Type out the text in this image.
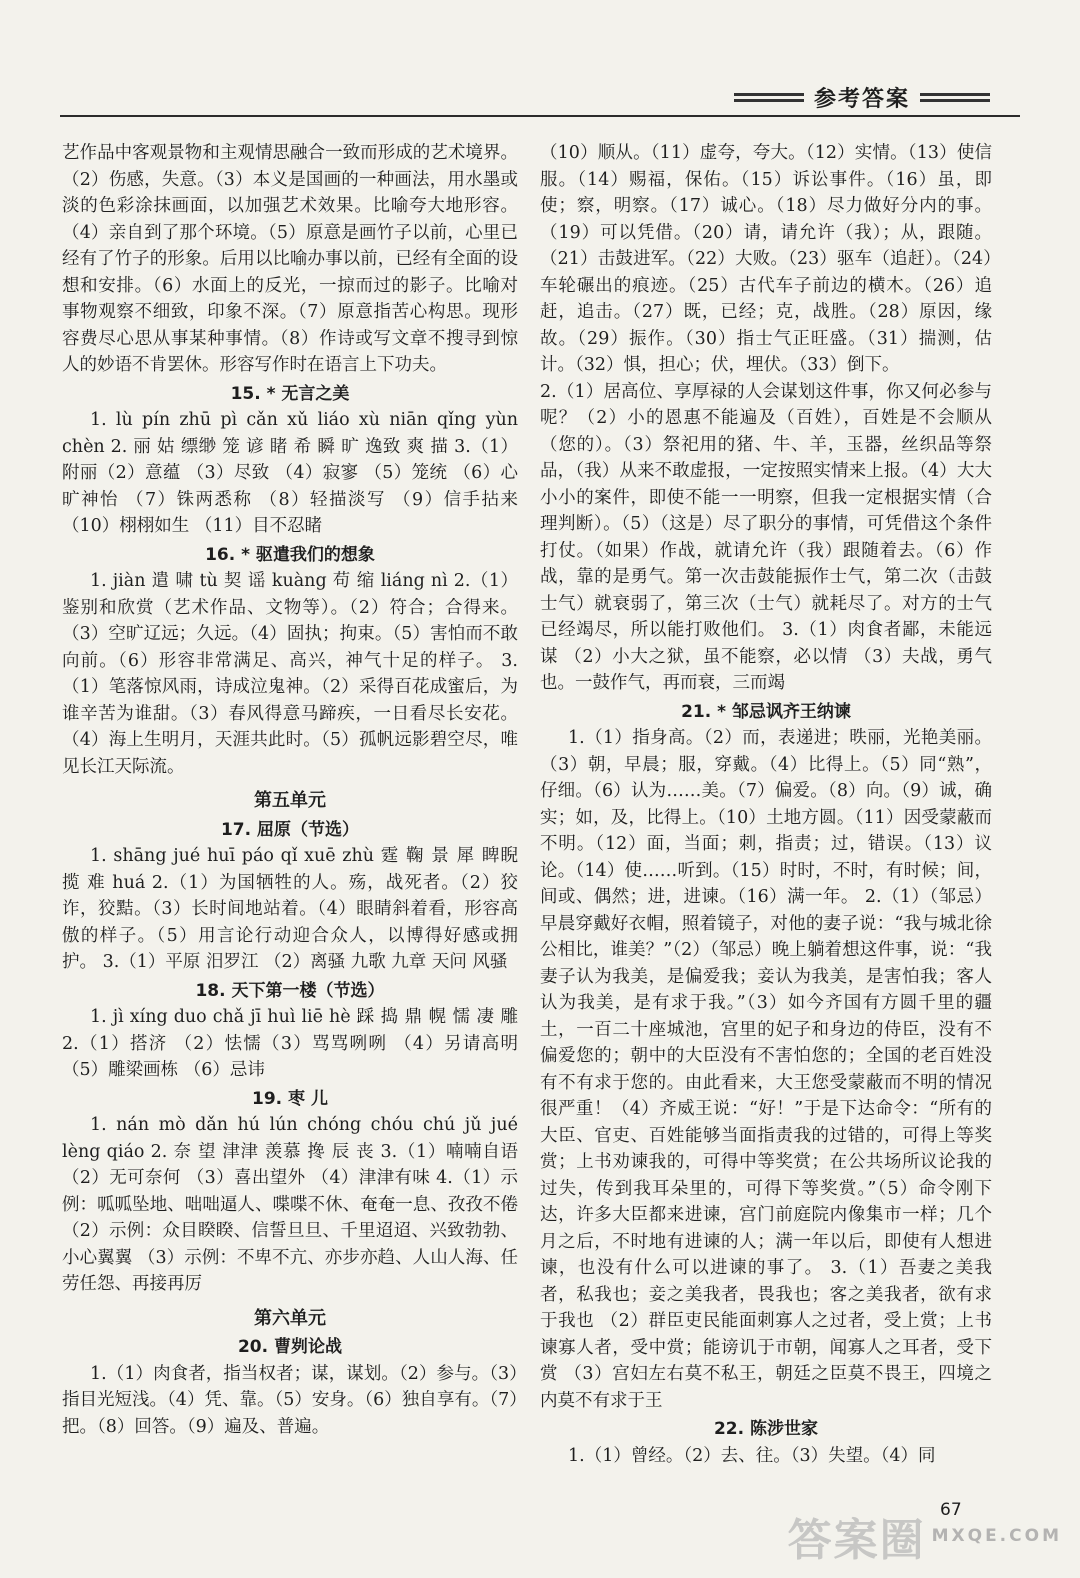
参考答案

艺作品中客观景物和主观情思融合一致而形成的艺术境界。（2）伤感，失意。（3）本义是国画的一种画法，用水墨或淡的色彩涂抹画面，以加强艺术效果。比喻夸大地形容。（4）亲自到了那个环境。（5）原意是画竹子以前，心里已经有了竹子的形象。后用以比喻办事以前，已经有全面的设想和安排。（6）水面上的反光，一掠而过的影子。比喻对事物观察不细致，印象不深。（7）原意指苦心构思。现形容费尽心思从事某种事情。（8）作诗或写文章不搜寻到惊人的妙语不肯罢休。形容写作时在语言上下功夫。

15. * 无言之美

1. lù pín zhū pì cǎn xǔ liáo xù niān qǐng yùn chèn 2. 丽 姑 缥缈 笼 谚 睹 希 瞬 旷 逸致 爽 描 3.（1）附丽（2）意蕴 （3）尽致 （4）寂寥 （5）笼统 （6）心旷神怡 （7）铢两悉称 （8）轻描淡写 （9）信手拈来（10）栩栩如生 （11）目不忍睹

16. * 驱遣我们的想象

1. jiàn 遣 啸 tù 契 谣 kuàng 苟 缩 liáng nì 2.（1）鉴别和欣赏（艺术作品、文物等）。（2）符合；合得来。（3）空旷辽远；久远。（4）固执；拘束。（5）害怕而不敢向前。（6）形容非常满足、高兴，神气十足的样子。 3.（1）笔落惊风雨，诗成泣鬼神。（2）采得百花成蜜后，为谁辛苦为谁甜。（3）春风得意马蹄疾，一日看尽长安花。（4）海上生明月，天涯共此时。（5）孤帆远影碧空尽，唯见长江天际流。

第五单元

17. 屈原（节选）

1. shāng jué huī páo qǐ xuē zhù 霆 鞠 景 犀 睥睨 揽 难 huá 2.（1）为国牺牲的人。殇，战死者。（2）狡诈，狡黠。（3）长时间地站着。（4）眼睛斜着看，形容高傲的样子。（5）用言论行动迎合众人，以博得好感或拥护。 3.（1）平原 汨罗江 （2）离骚 九歌 九章 天问 风骚

18. 天下第一楼（节选）

1. jì xíng duo chǎ jī huì liē hè 踩 捣 鼎 幌 懦 凄 雕 2.（1）搭济 （2）怯懦（3）骂骂咧咧 （4）另请高明 （5）雕梁画栋 （6）忌讳

19. 枣 儿

1. nán mò dǎn hú lún chóng chóu chú jǔ jué lèng qiáo 2. 奈 望 津津 羡慕 搀 辰 丧 3.（1）喃喃自语 （2）无可奈何 （3）喜出望外 （4）津津有味 4.（1）示例：呱呱坠地、咄咄逼人、喋喋不休、奄奄一息、孜孜不倦 （2）示例：众目睽睽、信誓旦旦、千里迢迢、兴致勃勃、小心翼翼 （3）示例：不卑不亢、亦步亦趋、人山人海、任劳任怨、再接再厉

第六单元

20. 曹刿论战

1.（1）肉食者，指当权者；谋，谋划。（2）参与。（3）指目光短浅。（4）凭、靠。（5）安身。（6）独自享有。（7）把。（8）回答。（9）遍及、普遍。

（10）顺从。（11）虚夸，夸大。（12）实情。（13）使信服。（14）赐福，保佑。（15）诉讼事件。（16）虽，即使；察，明察。（17）诚心。（18）尽力做好分内的事。（19）可以凭借。（20）请，请允许（我）；从，跟随。（21）击鼓进军。（22）大败。（23）驱车（追赶）。（24）车轮碾出的痕迹。（25）古代车子前边的横木。（26）追赶，追击。（27）既，已经；克，战胜。（28）原因，缘故。（29）振作。（30）指士气正旺盛。（31）揣测，估计。（32）惧，担心；伏，埋伏。（33）倒下。

2.（1）居高位、享厚禄的人会谋划这件事，你又何必参与呢？（2）小的恩惠不能遍及（百姓），百姓是不会顺从（您的）。（3）祭祀用的猪、牛、羊，玉器，丝织品等祭品，（我）从来不敢虚报，一定按照实情来上报。（4）大大小小的案件，即使不能一一明察，但我一定根据实情（合理判断）。（5）（这是）尽了职分的事情，可凭借这个条件打仗。（如果）作战，就请允许（我）跟随着去。（6）作战，靠的是勇气。第一次击鼓能振作士气，第二次（击鼓士气）就衰弱了，第三次（士气）就耗尽了。对方的士气已经竭尽，所以能打败他们。 3.（1）肉食者鄙，未能远谋 （2）小大之狱，虽不能察，必以情 （3）夫战，勇气也。一鼓作气，再而衰，三而竭

21. * 邹忌讽齐王纳谏

1.（1）指身高。（2）而，表递进；昳丽，光艳美丽。（3）朝，早晨；服，穿戴。（4）比得上。（5）同“熟”，仔细。（6）认为……美。（7）偏爱。（8）向。（9）诚，确实；如，及，比得上。（10）土地方圆。（11）因受蒙蔽而不明。（12）面，当面；刺，指责；过，错误。（13）议论。（14）使……听到。（15）时时，不时，有时候；间，间或、偶然；进，进谏。（16）满一年。 2.（1）（邹忌）早晨穿戴好衣帽，照着镜子，对他的妻子说：“我与城北徐公相比，谁美？”（2）（邹忌）晚上躺着想这件事，说：“我妻子认为我美，是偏爱我；妾认为我美，是害怕我；客人认为我美，是有求于我。”（3）如今齐国有方圆千里的疆土，一百二十座城池，宫里的妃子和身边的侍臣，没有不偏爱您的；朝中的大臣没有不害怕您的；全国的老百姓没有不有求于您的。由此看来，大王您受蒙蔽而不明的情况很严重！（4）齐威王说：“好！”于是下达命令：“所有的大臣、官吏、百姓能够当面指责我的过错的，可得上等奖赏；上书劝谏我的，可得中等奖赏；在公共场所议论我的过失，传到我耳朵里的，可得下等奖赏。”（5）命令刚下达，许多大臣都来进谏，宫门前庭院内像集市一样；几个月之后，不时地有进谏的人；满一年以后，即使有人想进谏，也没有什么可以进谏的事了。 3.（1）吾妻之美我者，私我也；妾之美我者，畏我也；客之美我者，欲有求于我也 （2）群臣吏民能面刺寡人之过者，受上赏；上书谏寡人者，受中赏；能谤讥于市朝，闻寡人之耳者，受下赏 （3）宫妇左右莫不私王，朝廷之臣莫不畏王，四境之内莫不有求于王

22. 陈涉世家

1.（1）曾经。（2）去、往。（3）失望。（4）同

67
答案圈 MXQE.COM
